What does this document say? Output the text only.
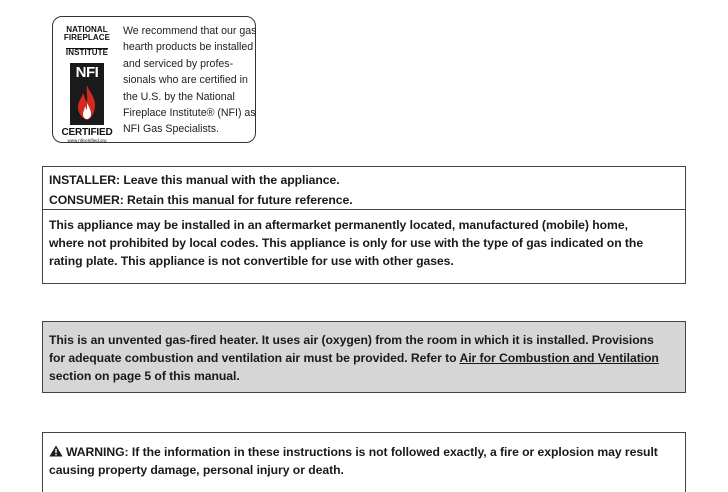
NATIONAL
FIREPLACE
INSTITUTE
NFI
CERTIFIED
www.nficertified.org
We recommend that our gas
hearth products be installed
and serviced by profes-
sionals who are certified in
the U.S. by the National
Fireplace Institute® (NFI) as
NFI Gas Specialists.
INSTALLER: Leave this manual with the appliance.
CONSUMER: Retain this manual for future reference.
This appliance may be installed in an aftermarket permanently located, manufactured (mobile) home,
where not prohibited by local codes. This appliance is only for use with the type of gas indicated on the
rating plate. This appliance is not convertible for use with other gases.
This is an unvented gas-fired heater. It uses air (oxygen) from the room in which it is installed. Provisions
for adequate combustion and ventilation air must be provided. Refer to Air for Combustion and Ventilation
section on page 5 of this manual.
WARNING: If the information in these instructions is not followed exactly, a fire or explosion may result
causing property damage, personal injury or death.
